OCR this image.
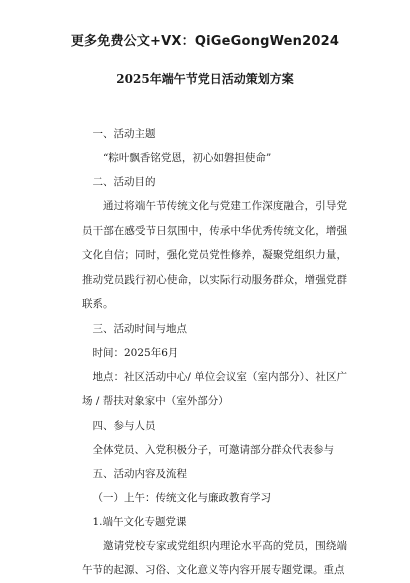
更多免费公文+VX：QiGeGongWen2024
2025年端午节党日活动策划方案
一、活动主题
“粽叶飘香铭党恩，初心如磐担使命”
二、活动目的
通过将端午节传统文化与党建工作深度融合，引导党员干部在感受节日氛围中，传承中华优秀传统文化，增强文化自信；同时，强化党员党性修养，凝聚党组织力量，推动党员践行初心使命，以实际行动服务群众，增强党群联系。
三、活动时间与地点
时间：2025年6月
地点：社区活动中心/ 单位会议室（室内部分）、社区广场 / 帮扶对象家中（室外部分）
四、参与人员
全体党员、入党积极分子，可邀请部分群众代表参与
五、活动内容及流程
（一）上午：传统文化与廉政教育学习
1.端午文化专题党课
邀请党校专家或党组织内理论水平高的党员，围绕端午节的起源、习俗、文化意义等内容开展专题党课。重点
